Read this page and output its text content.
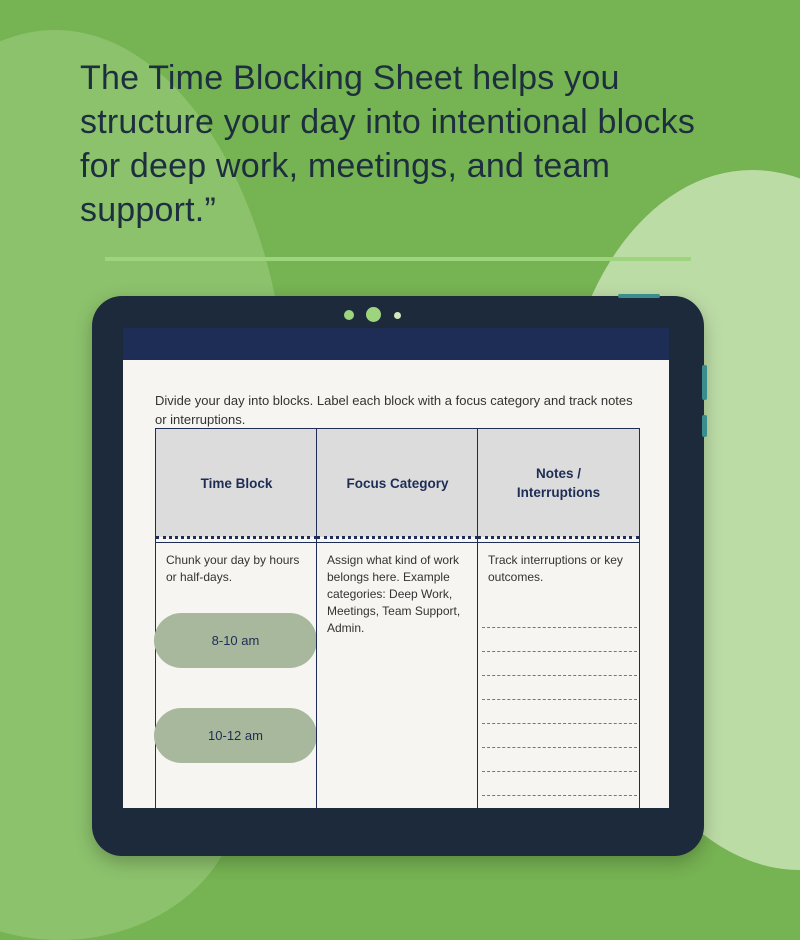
The Time Blocking Sheet helps you structure your day into intentional blocks for deep work, meetings, and team support.”

Divide your day into blocks. Label each block with a focus category and track notes or interruptions.

Time Block

Chunk your day by hours or half-days.

8-10 am
10-12 am
Focus Category

Assign what kind of work belongs here. Example categories: Deep Work, Meetings, Team Support, Admin.

Notes / Interruptions

Track interruptions or key outcomes.
